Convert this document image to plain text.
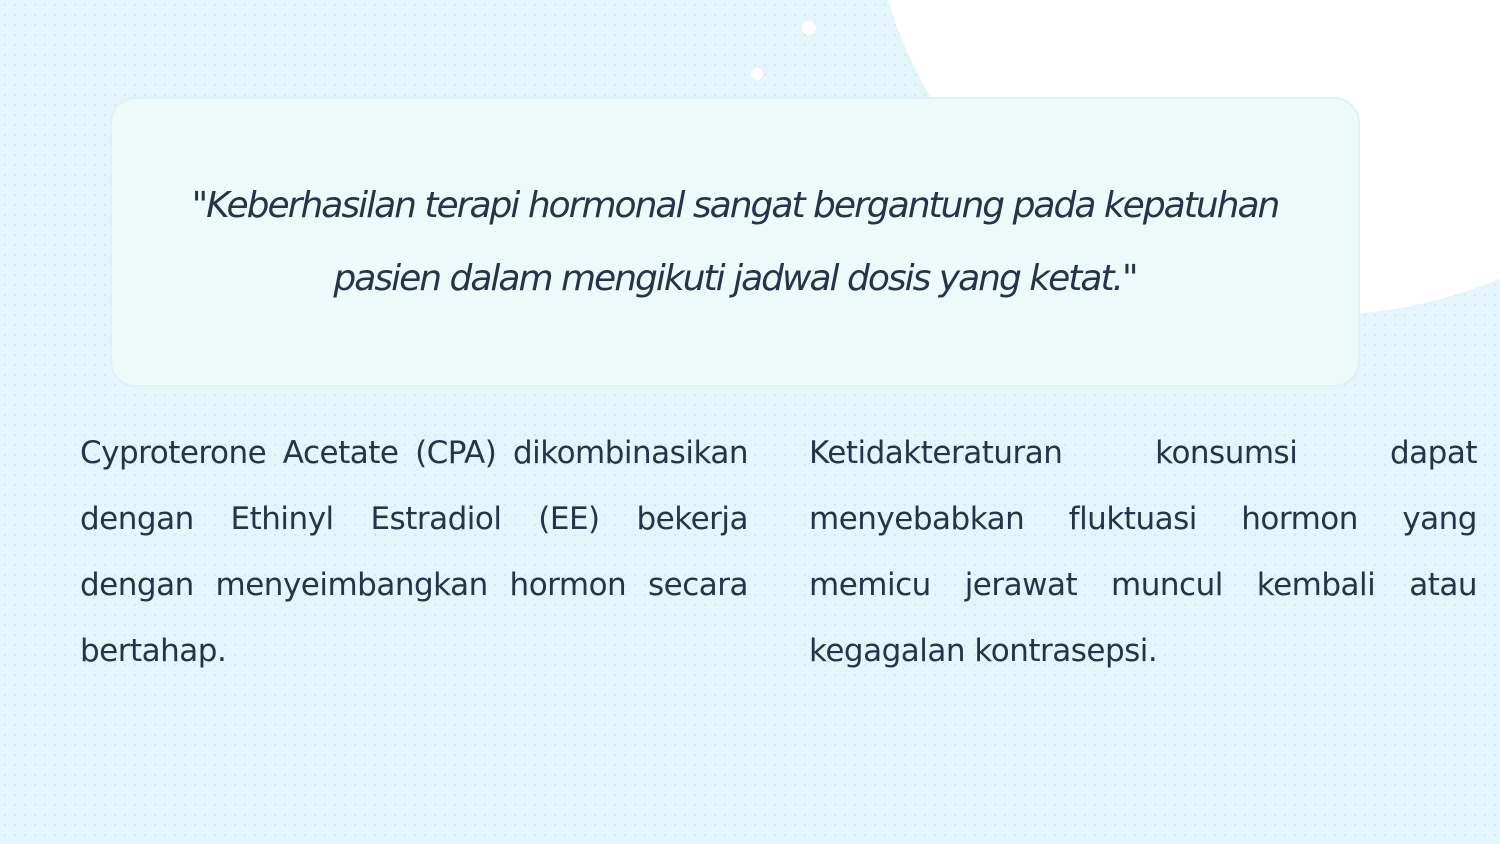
"Keberhasilan terapi hormonal sangat bergantung pada kepatuhan pasien dalam mengikuti jadwal dosis yang ketat."

Cyproterone Acetate (CPA) dikombinasikan dengan Ethinyl Estradiol (EE) bekerja dengan menyeimbangkan hormon secara bertahap.

Ketidakteraturan konsumsi dapat menyebabkan fluktuasi hormon yang memicu jerawat muncul kembali atau kegagalan kontrasepsi.
